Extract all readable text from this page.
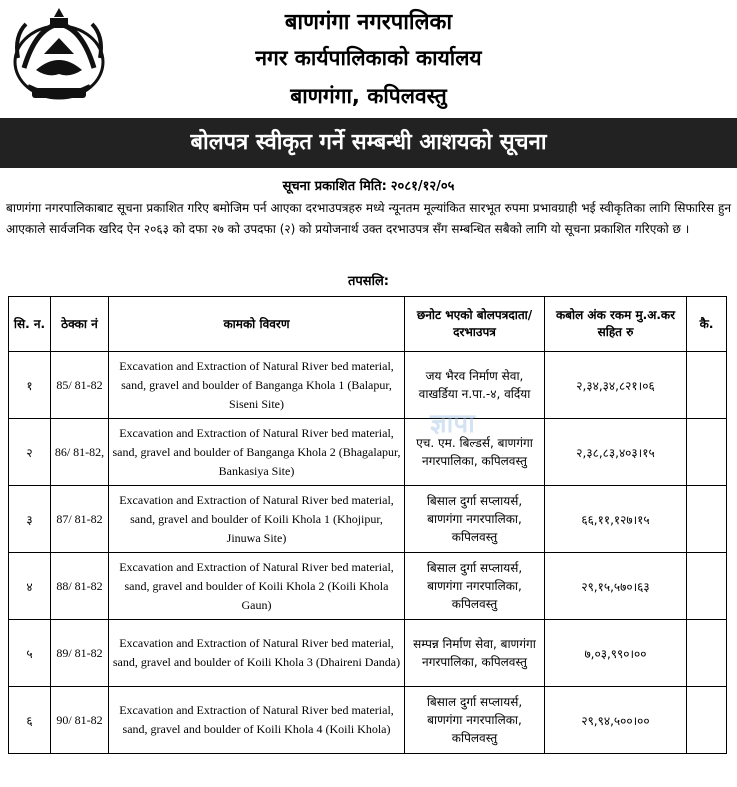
बाणगंगा नगरपालिका
नगर कार्यपालिकाको कार्यालय
बाणगंगा, कपिलवस्तु
बोलपत्र स्वीकृत गर्ने सम्बन्धी आशयको सूचना
सूचना प्रकाशित मिति: २०८१/१२/०५
बाणगंगा नगरपालिकाबाट सूचना प्रकाशित गरिए बमोजिम पर्न आएका दरभाउपत्रहरु मध्ये न्यूनतम मूल्यांकित सारभूत रुपमा प्रभावग्राही भई स्वीकृतिका लागि सिफारिस हुन आएकाले सार्वजनिक खरिद ऐन २०६३ को दफा २७ को उपदफा (२) को प्रयोजनार्थ उक्त दरभाउपत्र सँग सम्बन्धित सबैको लागि यो सूचना प्रकाशित गरिएको छ ।
तपसलि:
सि. न.	ठेक्का नं	कामको विवरण	छनोट भएको बोलपत्रदाता/दरभाउपत्र	कबोल अंक रकम मु.अ.कर सहित रु	कै.
१	85/ 81-82	Excavation and Extraction of Natural River bed material, sand, gravel and boulder of Banganga Khola 1 (Balapur, Siseni Site)	जय भैरव निर्माण सेवा, वाखर्डिया न.पा.-४, वर्दिया	२,३४,३४,८२१।०६	
२	86/ 81-82,	Excavation and Extraction of Natural River bed material, sand, gravel and boulder of Banganga Khola 2 (Bhagalapur, Bankasiya Site)	एच. एम. बिल्डर्स, बाणगंगा नगरपालिका, कपिलवस्तु	२,३८,८३,४०३।१५	
३	87/ 81-82	Excavation and Extraction of Natural River bed material, sand, gravel and boulder of Koili Khola 1 (Khojipur, Jinuwa Site)	बिसाल दुर्गा सप्लायर्स, बाणगंगा नगरपालिका, कपिलवस्तु	६६,११,१२७।१५	
४	88/ 81-82	Excavation and Extraction of Natural River bed material, sand, gravel and boulder of Koili Khola 2 (Koili Khola Gaun)	बिसाल दुर्गा सप्लायर्स, बाणगंगा नगरपालिका, कपिलवस्तु	२९,१५,५७०।६३	
५	89/ 81-82	Excavation and Extraction of Natural River bed material, sand, gravel and boulder of Koili Khola 3 (Dhaireni Danda)	सम्पन्न निर्माण सेवा, बाणगंगा नगरपालिका, कपिलवस्तु	७,०३,९९०।००	
६	90/ 81-82	Excavation and Extraction of Natural River bed material, sand, gravel and boulder of Koili Khola 4 (Koili Khola)	बिसाल दुर्गा सप्लायर्स, बाणगंगा नगरपालिका, कपिलवस्तु	२९,९४,५००।००	
ज्ञापा
